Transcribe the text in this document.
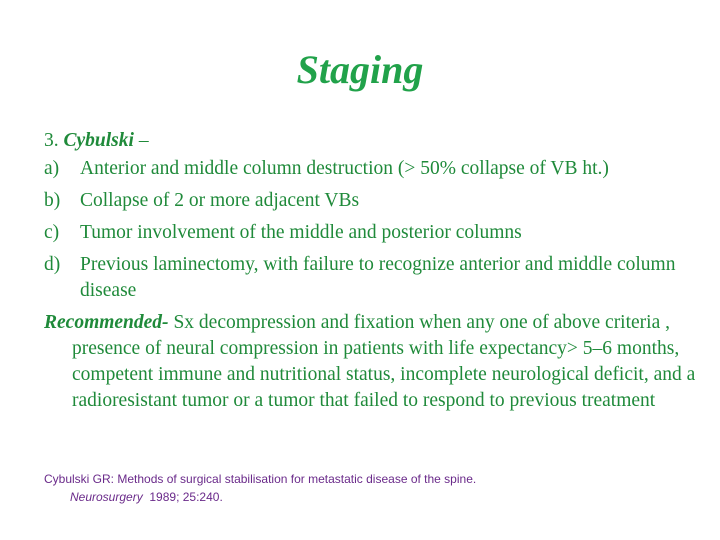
Staging
3. Cybulski –
a)	Anterior and middle column destruction (> 50% collapse of VB ht.)
b)	Collapse of 2 or more adjacent VBs
c)	Tumor involvement of the middle and posterior columns
d)	Previous laminectomy, with failure to recognize anterior and middle column disease
Recommended- Sx decompression and fixation when any one of above criteria , presence of neural compression in patients with life expectancy> 5–6 months, competent immune and nutritional status, incomplete neurological deficit, and a radioresistant tumor or a tumor that failed to respond to previous treatment
Cybulski GR: Methods of surgical stabilisation for metastatic disease of the spine.
Neurosurgery  1989; 25:240.
